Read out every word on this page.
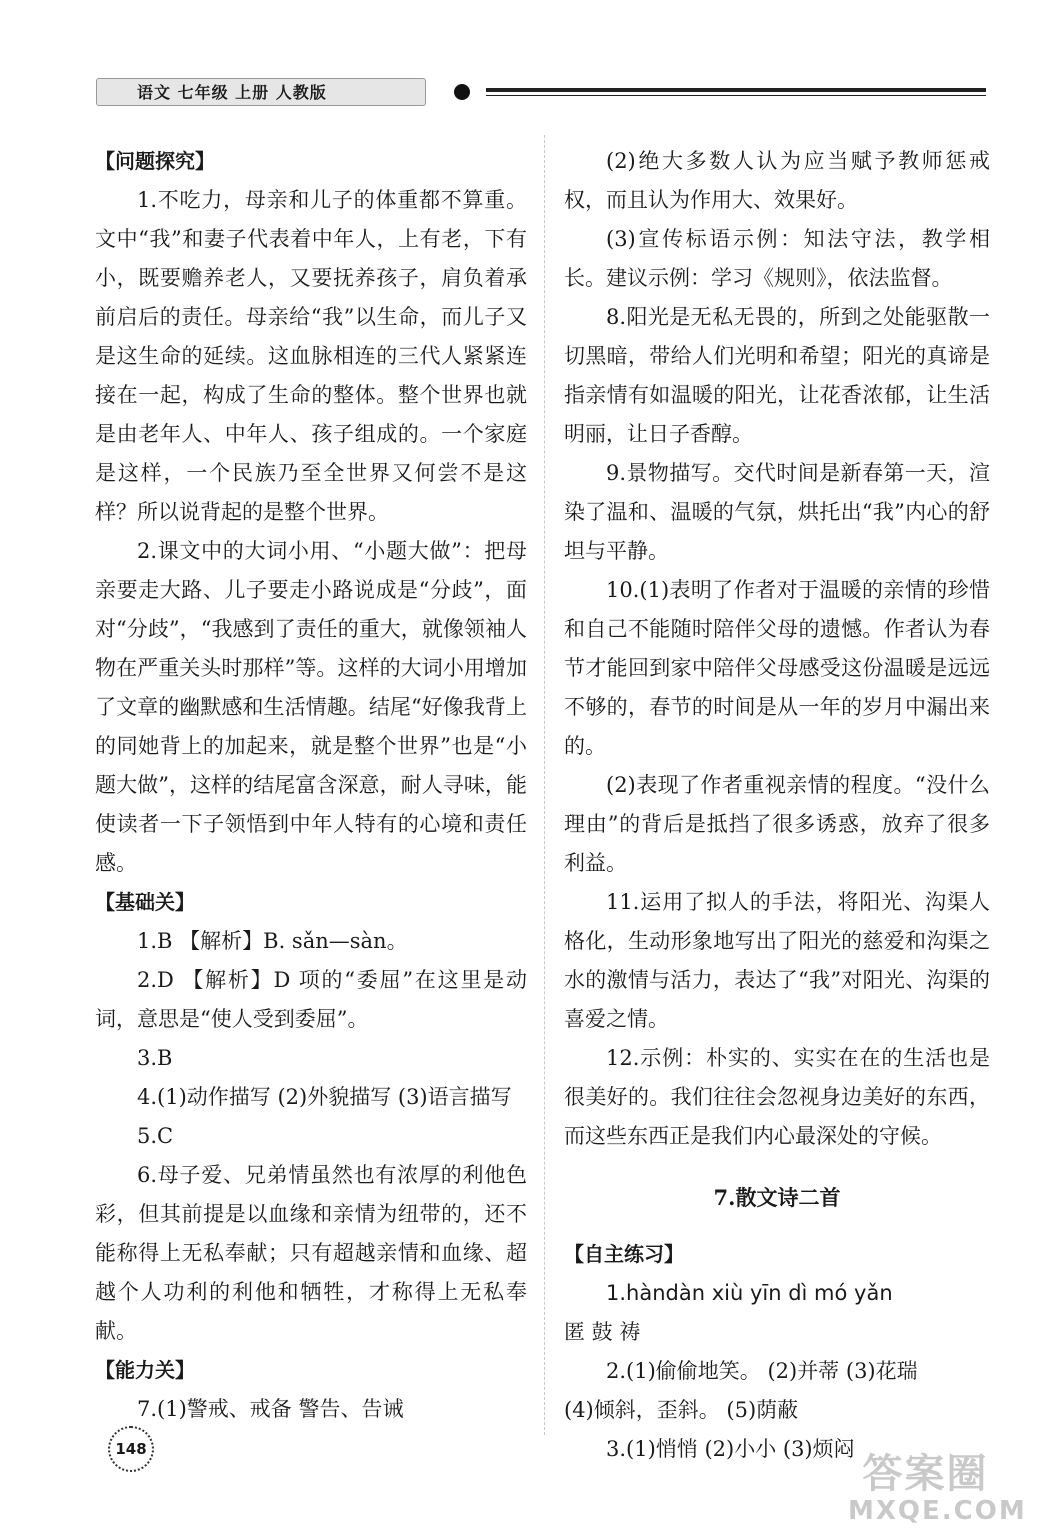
语文 七年级 上册 人教版

【问题探究】

1.不吃力，母亲和儿子的体重都不算重。文中“我”和妻子代表着中年人，上有老，下有小，既要赡养老人，又要抚养孩子，肩负着承前启后的责任。母亲给“我”以生命，而儿子又是这生命的延续。这血脉相连的三代人紧紧连接在一起，构成了生命的整体。整个世界也就是由老年人、中年人、孩子组成的。一个家庭是这样，一个民族乃至全世界又何尝不是这样？所以说背起的是整个世界。

2.课文中的大词小用、“小题大做”：把母亲要走大路、儿子要走小路说成是“分歧”，面对“分歧”，“我感到了责任的重大，就像领袖人物在严重关头时那样”等。这样的大词小用增加了文章的幽默感和生活情趣。结尾“好像我背上的同她背上的加起来，就是整个世界”也是“小题大做”，这样的结尾富含深意，耐人寻味，能使读者一下子领悟到中年人特有的心境和责任感。

【基础关】

1.B 【解析】B. sǎn—sàn。

2.D 【解析】D 项的“委屈”在这里是动词，意思是“使人受到委屈”。

3.B

4.(1)动作描写 (2)外貌描写 (3)语言描写

5.C

6.母子爱、兄弟情虽然也有浓厚的利他色彩，但其前提是以血缘和亲情为纽带的，还不能称得上无私奉献；只有超越亲情和血缘、超越个人功利的利他和牺牲，才称得上无私奉献。

【能力关】

7.(1)警戒、戒备 警告、告诫

(2)绝大多数人认为应当赋予教师惩戒权，而且认为作用大、效果好。

(3)宣传标语示例：知法守法，教学相长。建议示例：学习《规则》，依法监督。

8.阳光是无私无畏的，所到之处能驱散一切黑暗，带给人们光明和希望；阳光的真谛是指亲情有如温暖的阳光，让花香浓郁，让生活明丽，让日子香醇。

9.景物描写。交代时间是新春第一天，渲染了温和、温暖的气氛，烘托出“我”内心的舒坦与平静。

10.(1)表明了作者对于温暖的亲情的珍惜和自己不能随时陪伴父母的遗憾。作者认为春节才能回到家中陪伴父母感受这份温暖是远远不够的，春节的时间是从一年的岁月中漏出来的。

(2)表现了作者重视亲情的程度。“没什么理由”的背后是抵挡了很多诱惑，放弃了很多利益。

11.运用了拟人的手法，将阳光、沟渠人格化，生动形象地写出了阳光的慈爱和沟渠之水的激情与活力，表达了“我”对阳光、沟渠的喜爱之情。

12.示例：朴实的、实实在在的生活也是很美好的。我们往往会忽视身边美好的东西，而这些东西正是我们内心最深处的守候。

7.散文诗二首

【自主练习】

1.hàndàn xiù yīn dì mó yǎn

匿 鼓 祷

2.(1)偷偷地笑。 (2)并蒂 (3)花瑞

(4)倾斜，歪斜。 (5)荫蔽

3.(1)悄悄 (2)小小 (3)烦闷

148
答案圈
MXQE.COM
